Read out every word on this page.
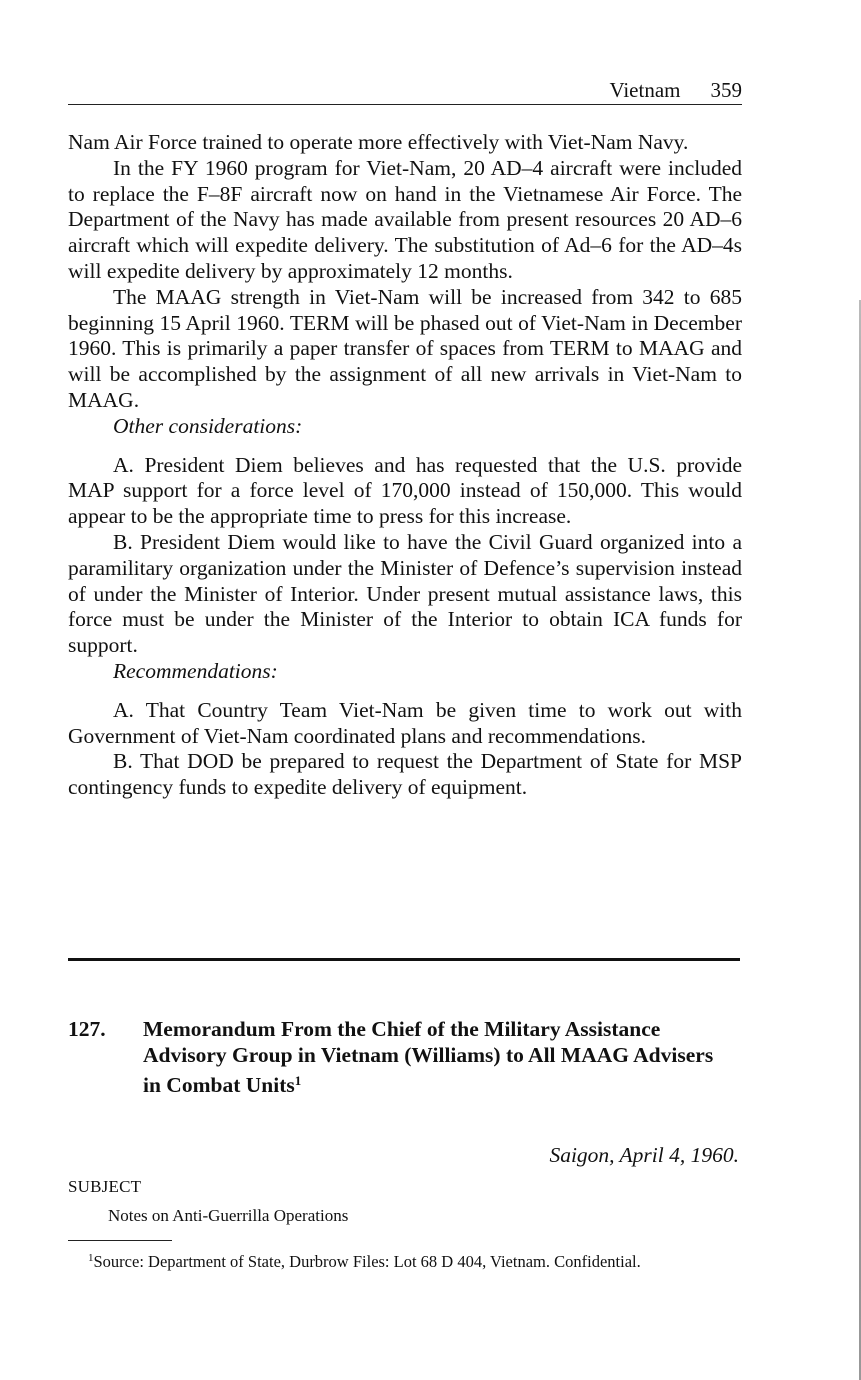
Vietnam 359

Nam Air Force trained to operate more effectively with Viet-Nam Navy.

In the FY 1960 program for Viet-Nam, 20 AD–4 aircraft were included to replace the F–8F aircraft now on hand in the Vietnamese Air Force. The Department of the Navy has made available from present resources 20 AD–6 aircraft which will expedite delivery. The substitution of Ad–6 for the AD–4s will expedite delivery by approximately 12 months.

The MAAG strength in Viet-Nam will be increased from 342 to 685 beginning 15 April 1960. TERM will be phased out of Viet-Nam in December 1960. This is primarily a paper transfer of spaces from TERM to MAAG and will be accomplished by the assignment of all new arrivals in Viet-Nam to MAAG.

Other considerations:

A. President Diem believes and has requested that the U.S. provide MAP support for a force level of 170,000 instead of 150,000. This would appear to be the appropriate time to press for this increase.

B. President Diem would like to have the Civil Guard organized into a paramilitary organization under the Minister of Defence’s supervision instead of under the Minister of Interior. Under present mutual assistance laws, this force must be under the Minister of the Interior to obtain ICA funds for support.

Recommendations:

A. That Country Team Viet-Nam be given time to work out with Government of Viet-Nam coordinated plans and recommendations.

B. That DOD be prepared to request the Department of State for MSP contingency funds to expedite delivery of equipment.

127. Memorandum From the Chief of the Military Assistance Advisory Group in Vietnam (Williams) to All MAAG Advisers in Combat Units$^1$
Saigon, April 4, 1960.
SUBJECT
Notes on Anti-Guerrilla Operations
$^1$Source: Department of State, Durbrow Files: Lot 68 D 404, Vietnam. Confidential.
